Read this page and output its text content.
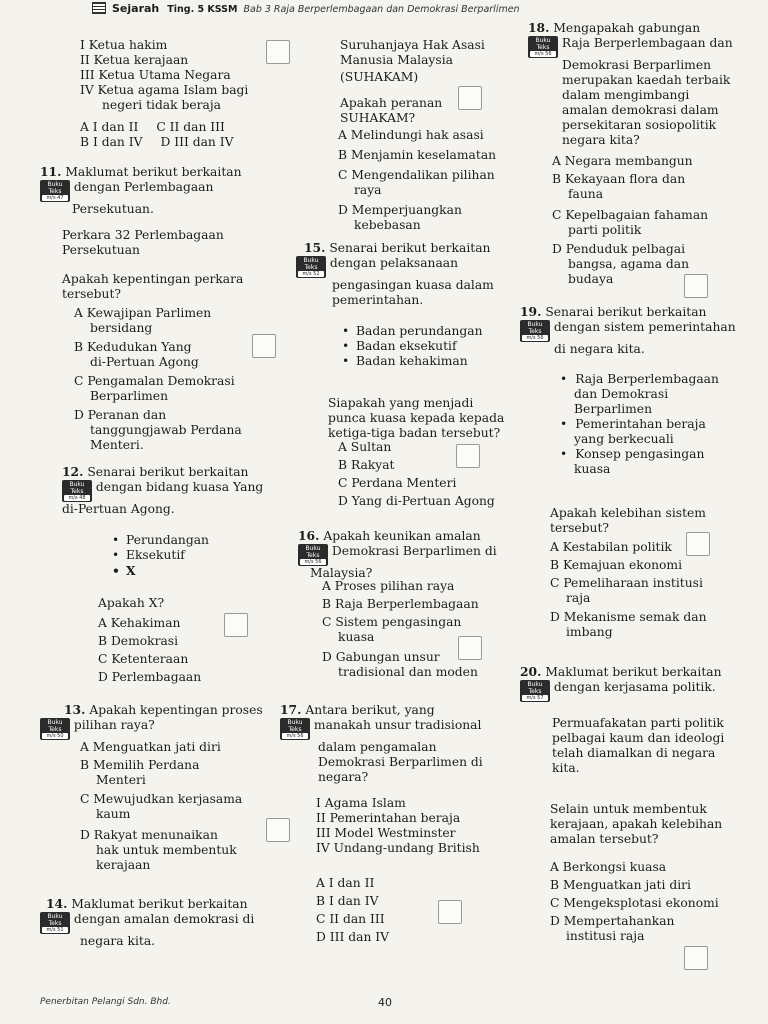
Sejarah Ting. 5 KSSM Bab 3 Raja Berperlembagaan dan Demokrasi Berparlimen
I Ketua hakim
II Ketua kerajaan
III Ketua Utama Negara
IV Ketua agama Islam bagi
negeri tidak beraja
A I dan II C II dan III
B I dan IV D III dan IV
11. Maklumat berikut berkaitan
Buku Teks
m/s 47
dengan Perlembagaan
Persekutuan.
Perkara 32 Perlembagaan
Persekutuan
Apakah kepentingan perkara
tersebut?
A Kewajipan Parlimen
bersidang
B Kedudukan Yang
di-Pertuan Agong
C Pengamalan Demokrasi
Berparlimen
D Peranan dan
tanggungjawab Perdana
Menteri.
12. Senarai berikut berkaitan
Buku Teks
m/s 48
dengan bidang kuasa Yang
di-Pertuan Agong.
• Perundangan
• Eksekutif
• X
Apakah X?
A Kehakiman
B Demokrasi
C Ketenteraan
D Perlembagaan
13. Apakah kepentingan proses
Buku Teks
m/s 50
pilihan raya?
A Menguatkan jati diri
B Memilih Perdana
Menteri
C Mewujudkan kerjasama
kaum
D Rakyat menunaikan
hak untuk membentuk
kerajaan
14. Maklumat berikut berkaitan
Buku Teks
m/s 51
dengan amalan demokrasi di
negara kita.
Suruhanjaya Hak Asasi
Manusia Malaysia
(SUHAKAM)
Apakah peranan
SUHAKAM?
A Melindungi hak asasi
B Menjamin keselamatan
C Mengendalikan pilihan
raya
D Memperjuangkan
kebebasan
15. Senarai berikut berkaitan
Buku Teks
m/s 52
dengan pelaksanaan
pengasingan kuasa dalam
pemerintahan.
• Badan perundangan
• Badan eksekutif
• Badan kehakiman
Siapakah yang menjadi
punca kuasa kepada kepada
ketiga-tiga badan tersebut?
A Sultan
B Rakyat
C Perdana Menteri
D Yang di-Pertuan Agong
16. Apakah keunikan amalan
Buku Teks
m/s 56
Demokrasi Berparlimen di
Malaysia?
A Proses pilihan raya
B Raja Berperlembagaan
C Sistem pengasingan
kuasa
D Gabungan unsur
tradisional dan moden
17. Antara berikut, yang
Buku Teks
m/s 56
manakah unsur tradisional
dalam pengamalan
Demokrasi Berparlimen di
negara?
I Agama Islam
II Pemerintahan beraja
III Model Westminster
IV Undang-undang British
A I dan II
B I dan IV
C II dan III
D III dan IV
18. Mengapakah gabungan
Buku Teks
m/s 56
Raja Berperlembagaan dan
Demokrasi Berparlimen
merupakan kaedah terbaik
dalam mengimbangi
amalan demokrasi dalam
persekitaran sosiopolitik
negara kita?
A Negara membangun
B Kekayaan flora dan
fauna
C Kepelbagaian fahaman
parti politik
D Penduduk pelbagai
bangsa, agama dan
budaya
19. Senarai berikut berkaitan
Buku Teks
m/s 56
dengan sistem pemerintahan
di negara kita.
• Raja Berperlembagaan
dan Demokrasi
Berparlimen
• Pemerintahan beraja
yang berkecuali
• Konsep pengasingan
kuasa
Apakah kelebihan sistem
tersebut?
A Kestabilan politik
B Kemajuan ekonomi
C Pemeliharaan institusi
raja
D Mekanisme semak dan
imbang
20. Maklumat berikut berkaitan
Buku Teks
m/s 57
dengan kerjasama politik.
Permuafakatan parti politik
pelbagai kaum dan ideologi
telah diamalkan di negara
kita.
Selain untuk membentuk
kerajaan, apakah kelebihan
amalan tersebut?
A Berkongsi kuasa
B Menguatkan jati diri
C Mengeksplotasi ekonomi
D Mempertahankan
institusi raja
Penerbitan Pelangi Sdn. Bhd.	40
